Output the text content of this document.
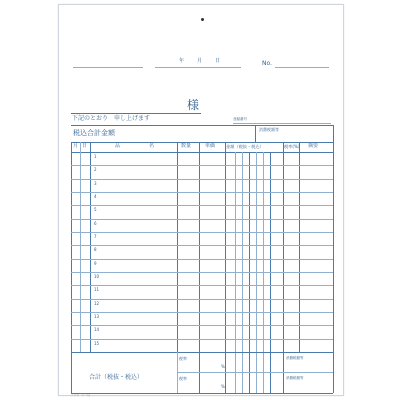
年	月	日	No.
様
下記のとおり　申し上げます	登録番号
税込合計金額	消費税額等
月 日	品	名	数量	単価	金額（税抜・税込）	税率(%) 摘要
1
2
3
4
5
6
7
8
9
10
11
12
13
14
15
合計（税抜・税込）
税率
%
消費税額等
税率
%
消費税額等
コクヨ　ウ-一四
